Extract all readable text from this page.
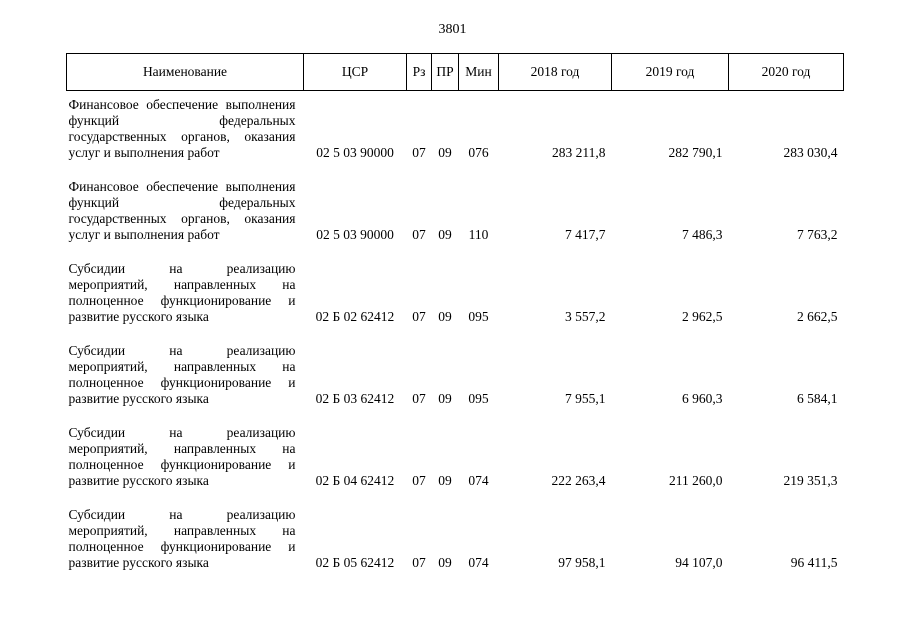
3801
Наименование	ЦСР	Рз	ПР	Мин	2018 год	2019 год	2020 год
Финансовое обеспечение выполнения функций федеральных государственных органов, оказания услуг и выполнения работ	02 5 03 90000	07	09	076	283 211,8	282 790,1	283 030,4
Финансовое обеспечение выполнения функций федеральных государственных органов, оказания услуг и выполнения работ	02 5 03 90000	07	09	110	7 417,7	7 486,3	7 763,2
Субсидии на реализацию мероприятий, направленных на полноценное функционирование и развитие русского языка	02 Б 02 62412	07	09	095	3 557,2	2 962,5	2 662,5
Субсидии на реализацию мероприятий, направленных на полноценное функционирование и развитие русского языка	02 Б 03 62412	07	09	095	7 955,1	6 960,3	6 584,1
Субсидии на реализацию мероприятий, направленных на полноценное функционирование и развитие русского языка	02 Б 04 62412	07	09	074	222 263,4	211 260,0	219 351,3
Субсидии на реализацию мероприятий, направленных на полноценное функционирование и развитие русского языка	02 Б 05 62412	07	09	074	97 958,1	94 107,0	96 411,5
